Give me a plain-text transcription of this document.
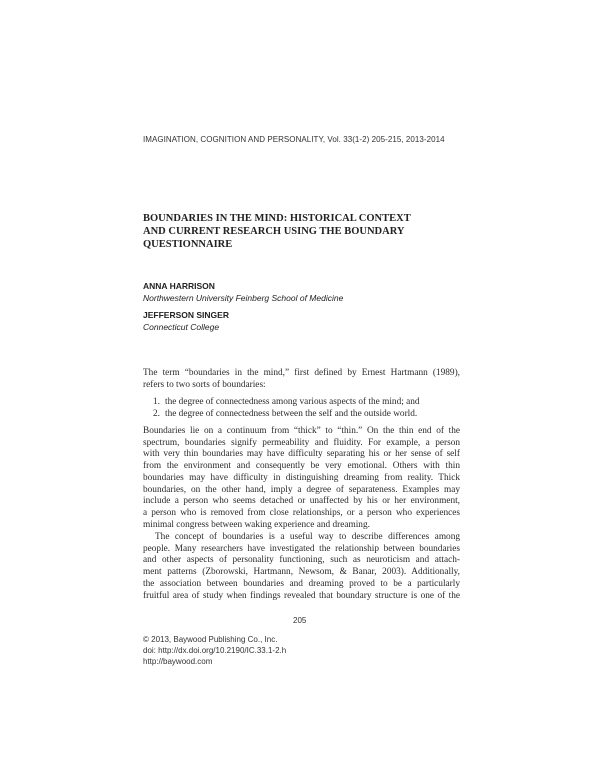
IMAGINATION, COGNITION AND PERSONALITY, Vol. 33(1-2) 205-215, 2013-2014
BOUNDARIES IN THE MIND: HISTORICAL CONTEXT
AND CURRENT RESEARCH USING THE BOUNDARY
QUESTIONNAIRE
ANNA HARRISON
Northwestern University Feinberg School of Medicine
JEFFERSON SINGER
Connecticut College
The term “boundaries in the mind,” first defined by Ernest Hartmann (1989),
refers to two sorts of boundaries:
1. the degree of connectedness among various aspects of the mind; and
2. the degree of connectedness between the self and the outside world.
Boundaries lie on a continuum from “thick” to “thin.” On the thin end of the
spectrum, boundaries signify permeability and fluidity. For example, a person
with very thin boundaries may have difficulty separating his or her sense of self
from the environment and consequently be very emotional. Others with thin
boundaries may have difficulty in distinguishing dreaming from reality. Thick
boundaries, on the other hand, imply a degree of separateness. Examples may
include a person who seems detached or unaffected by his or her environment,
a person who is removed from close relationships, or a person who experiences
minimal congress between waking experience and dreaming.
The concept of boundaries is a useful way to describe differences among
people. Many researchers have investigated the relationship between boundaries
and other aspects of personality functioning, such as neuroticism and attach-
ment patterns (Zborowski, Hartmann, Newsom, & Banar, 2003). Additionally,
the association between boundaries and dreaming proved to be a particularly
fruitful area of study when findings revealed that boundary structure is one of the
205
© 2013, Baywood Publishing Co., Inc.
doi: http://dx.doi.org/10.2190/IC.33.1-2.h
http://baywood.com
